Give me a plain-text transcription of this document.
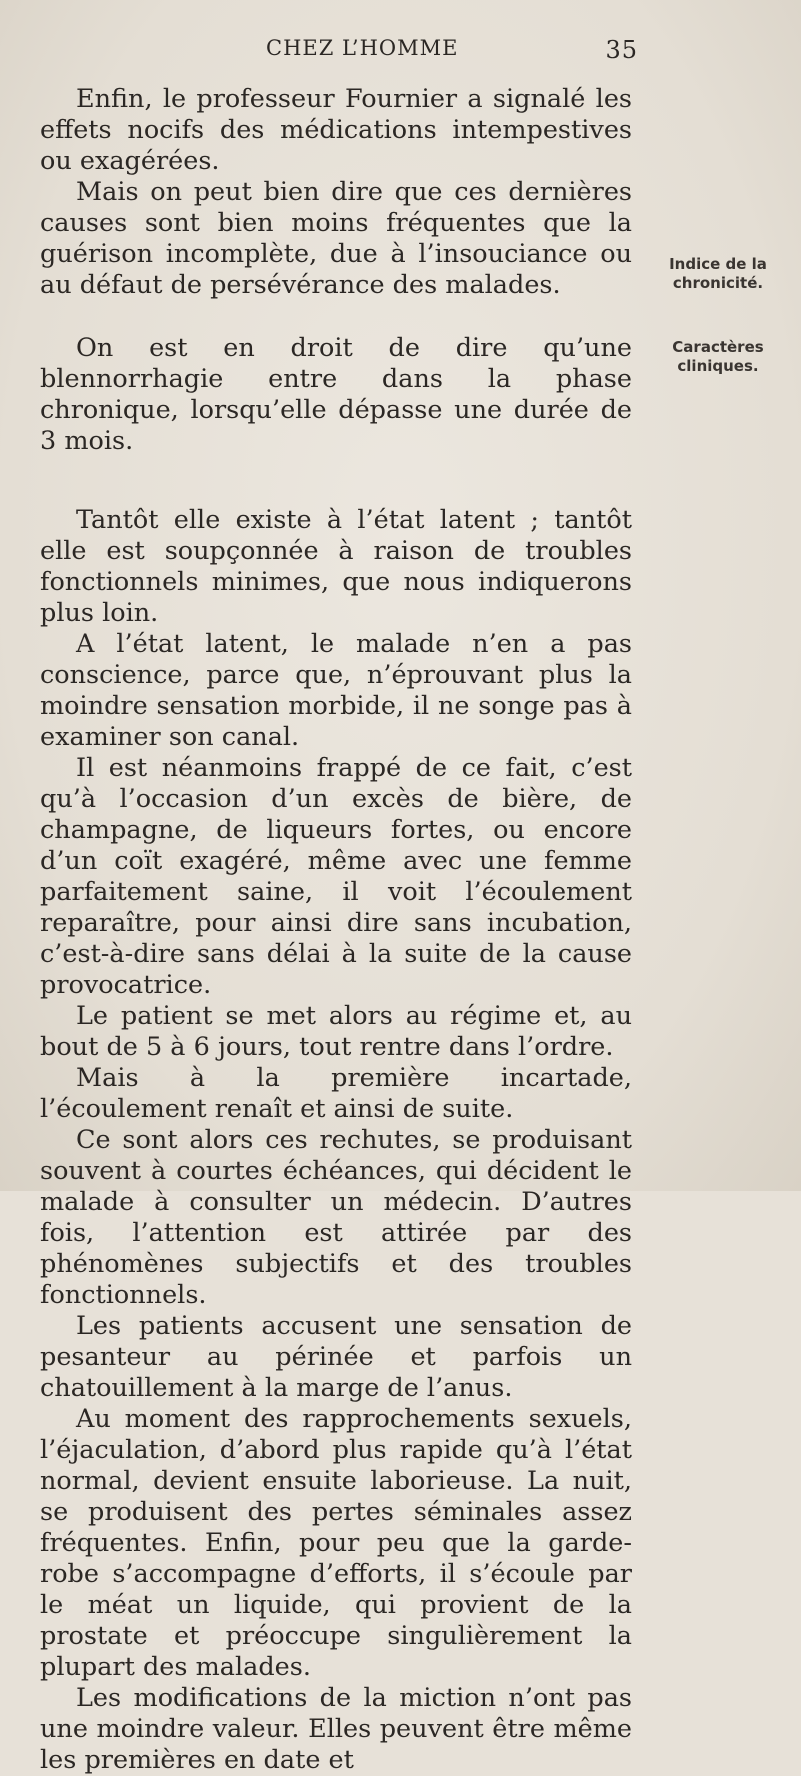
CHEZ L’HOMME	35

Enfin, le professeur Fournier a signalé les effets nocifs des médications intempestives ou exagérées.

Mais on peut bien dire que ces dernières causes sont bien moins fréquentes que la guérison incomplète, due à l’insouciance ou au défaut de persévérance des malades.

On est en droit de dire qu’une blennorrhagie entre dans la phase chronique, lorsqu’elle dépasse une durée de 3 mois.

Tantôt elle existe à l’état latent ; tantôt elle est soupçonnée à raison de troubles fonctionnels minimes, que nous indiquerons plus loin.

A l’état latent, le malade n’en a pas conscience, parce que, n’éprouvant plus la moindre sensation morbide, il ne songe pas à examiner son canal.

Il est néanmoins frappé de ce fait, c’est qu’à l’occasion d’un excès de bière, de champagne, de liqueurs fortes, ou encore d’un coït exagéré, même avec une femme parfaitement saine, il voit l’écoulement reparaître, pour ainsi dire sans incubation, c’est-à-dire sans délai à la suite de la cause provocatrice.

Le patient se met alors au régime et, au bout de 5 à 6 jours, tout rentre dans l’ordre.

Mais à la première incartade, l’écoulement renaît et ainsi de suite.

Ce sont alors ces rechutes, se produisant souvent à courtes échéances, qui décident le malade à consulter un médecin. D’autres fois, l’attention est attirée par des phénomènes subjectifs et des troubles fonctionnels.

Les patients accusent une sensation de pesanteur au périnée et parfois un chatouillement à la marge de l’anus.

Au moment des rapprochements sexuels, l’éjaculation, d’abord plus rapide qu’à l’état normal, devient ensuite laborieuse. La nuit, se produisent des pertes séminales assez fréquentes. Enfin, pour peu que la garde-robe s’accompagne d’efforts, il s’écoule par le méat un liquide, qui provient de la prostate et préoccupe singulièrement la plupart des malades.

Les modifications de la miction n’ont pas une moindre valeur. Elles peuvent être même les premières en date et

Indice de la chronicité.
Caractères cliniques.
